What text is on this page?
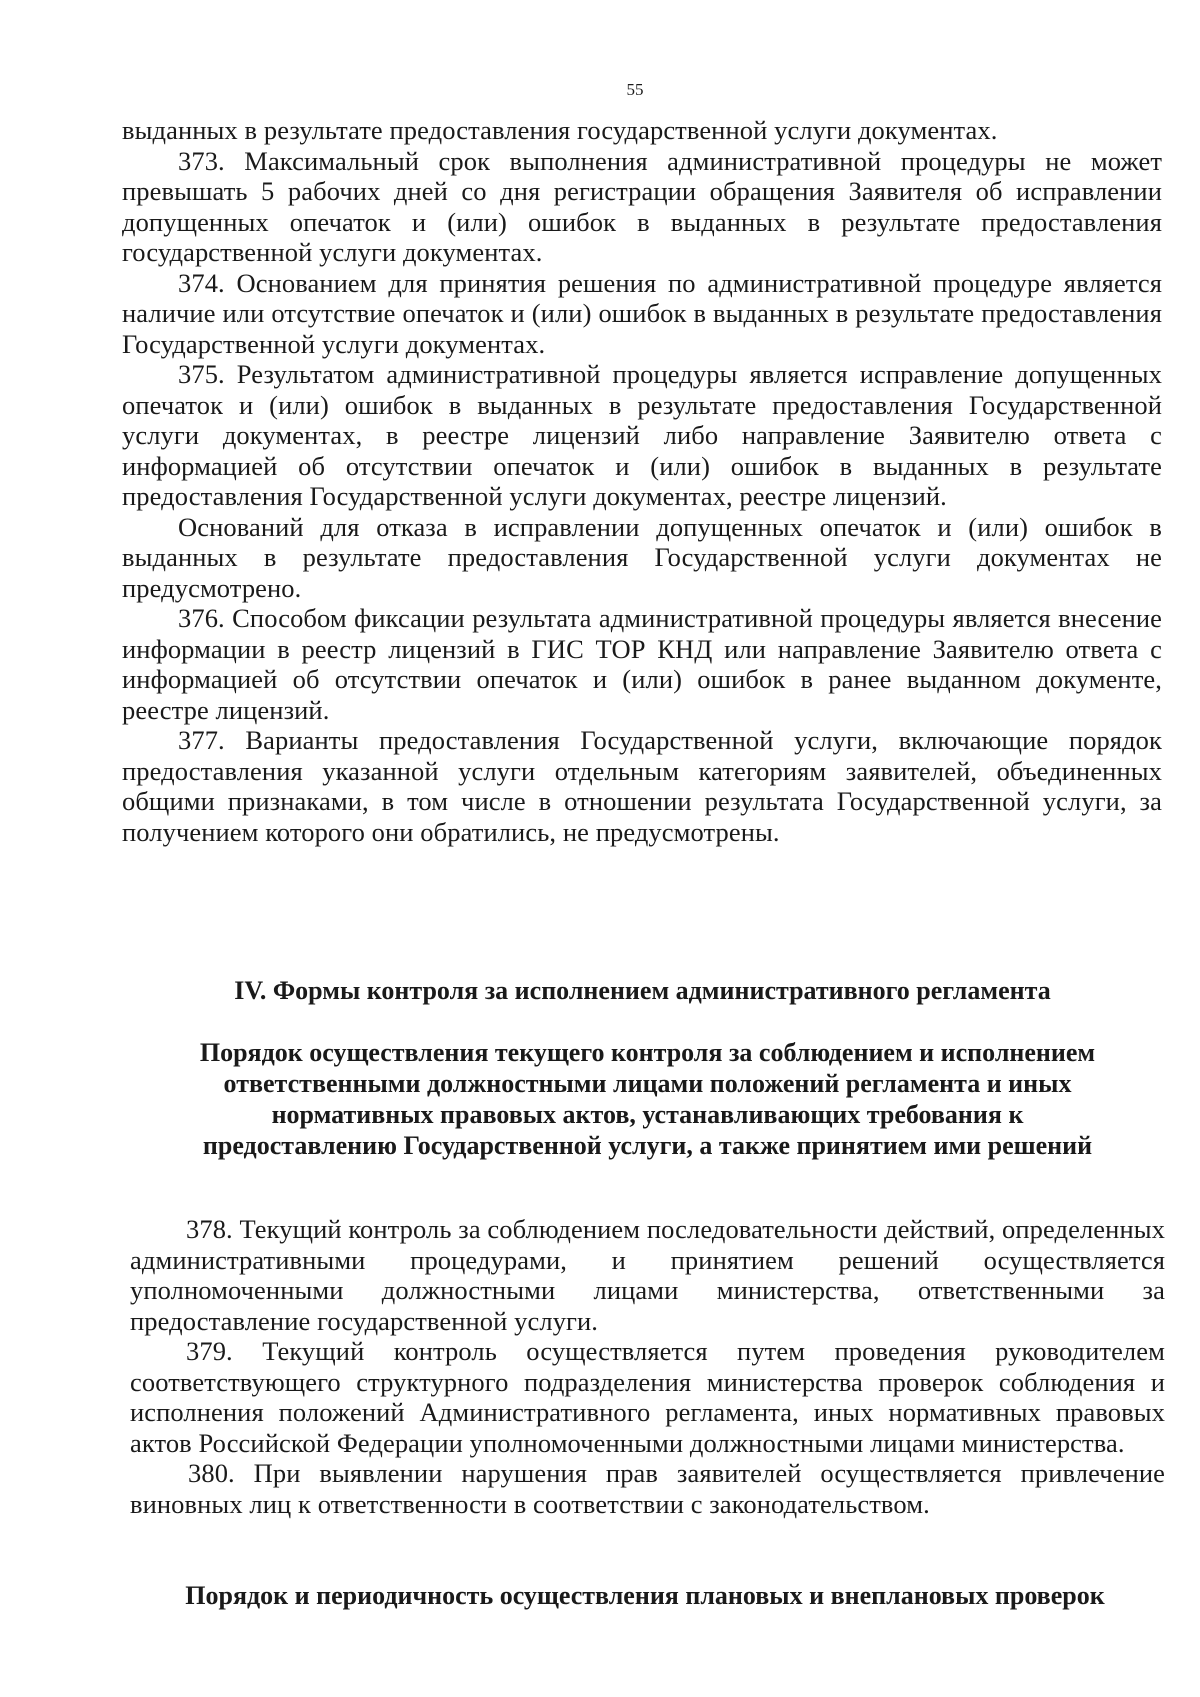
55

выданных в результате предоставления государственной услуги документах.

373. Максимальный срок выполнения административной процедуры не может превышать 5 рабочих дней со дня регистрации обращения Заявителя об исправлении допущенных опечаток и (или) ошибок в выданных в результате предоставления государственной услуги документах.

374. Основанием для принятия решения по административной процедуре является наличие или отсутствие опечаток и (или) ошибок в выданных в результате предоставления Государственной услуги документах.

375. Результатом административной процедуры является исправление допущенных опечаток и (или) ошибок в выданных в результате предоставления Государственной услуги документах, в реестре лицензий либо направление Заявителю ответа с информацией об отсутствии опечаток и (или) ошибок в выданных в результате предоставления Государственной услуги документах, реестре лицензий.

Оснований для отказа в исправлении допущенных опечаток и (или) ошибок в выданных в результате предоставления Государственной услуги документах не предусмотрено.

376. Способом фиксации результата административной процедуры является внесение информации в реестр лицензий в ГИС ТОР КНД или направление Заявителю ответа с информацией об отсутствии опечаток и (или) ошибок в ранее выданном документе, реестре лицензий.

377. Варианты предоставления Государственной услуги, включающие порядок предоставления указанной услуги отдельным категориям заявителей, объединенных общими признаками, в том числе в отношении результата Государственной услуги, за получением которого они обратились, не предусмотрены.

IV. Формы контроля за исполнением административного регламента
Порядок осуществления текущего контроля за соблюдением и исполнением
ответственными должностными лицами положений регламента и иных
нормативных правовых актов, устанавливающих требования к
предоставлению Государственной услуги, а также принятием ими решений

378. Текущий контроль за соблюдением последовательности действий, определенных административными процедурами, и принятием решений осуществляется уполномоченными должностными лицами министерства, ответственными за предоставление государственной услуги.

379. Текущий контроль осуществляется путем проведения руководителем соответствующего структурного подразделения министерства проверок соблюдения и исполнения положений Административного регламента, иных нормативных правовых актов Российской Федерации уполномоченными должностными лицами министерства.

380. При выявлении нарушения прав заявителей осуществляется привлечение виновных лиц к ответственности в соответствии с законодательством.

Порядок и периодичность осуществления плановых и внеплановых проверок
